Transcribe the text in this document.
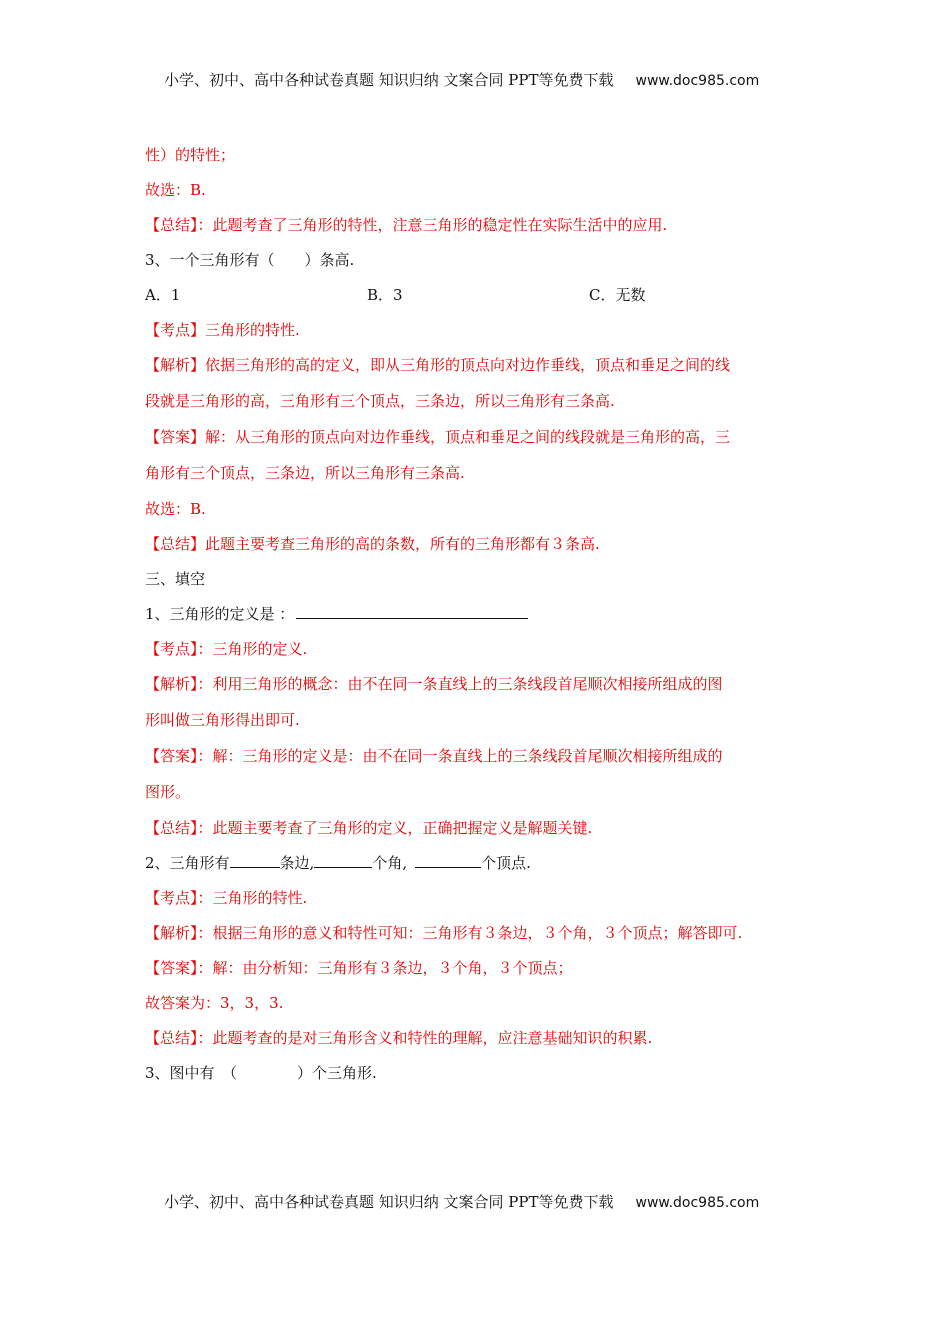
小学、初中、高中各种试卷真题 知识归纳 文案合同 PPT等免费下载 www.doc985.com
性）的特性；
故选：B.
【总结】：此题考查了三角形的特性，注意三角形的稳定性在实际生活中的应用.
3、一个三角形有（　　）条高.
A．1	B．3	C．无数
【考点】三角形的特性.
【解析】依据三角形的高的定义，即从三角形的顶点向对边作垂线，顶点和垂足之间的线
段就是三角形的高，三角形有三个顶点，三条边，所以三角形有三条高.
【答案】解：从三角形的顶点向对边作垂线，顶点和垂足之间的线段就是三角形的高，三
角形有三个顶点，三条边，所以三角形有三条高.
故选：B.
【总结】此题主要考查三角形的高的条数，所有的三角形都有３条高.
三、填空
1、三角形的定义是 ：
【考点】：三角形的定义.
【解析】：利用三角形的概念：由不在同一条直线上的三条线段首尾顺次相接所组成的图
形叫做三角形得出即可.
【答案】：解：三角形的定义是：由不在同一条直线上的三条线段首尾顺次相接所组成的
图形。
【总结】：此题主要考查了三角形的定义，正确把握定义是解题关键.
2、三角形有	条边,	个角,	个顶点.
【考点】：三角形的特性.
【解析】：根据三角形的意义和特性可知：三角形有３条边，３个角，３个顶点；解答即可.
【答案】：解：由分析知：三角形有３条边，３个角，３个顶点；
故答案为：3，3，3.
【总结】：此题考查的是对三角形含义和特性的理解，应注意基础知识的积累.
3、图中有　（　　　　）个三角形.
小学、初中、高中各种试卷真题 知识归纳 文案合同 PPT等免费下载 www.doc985.com
